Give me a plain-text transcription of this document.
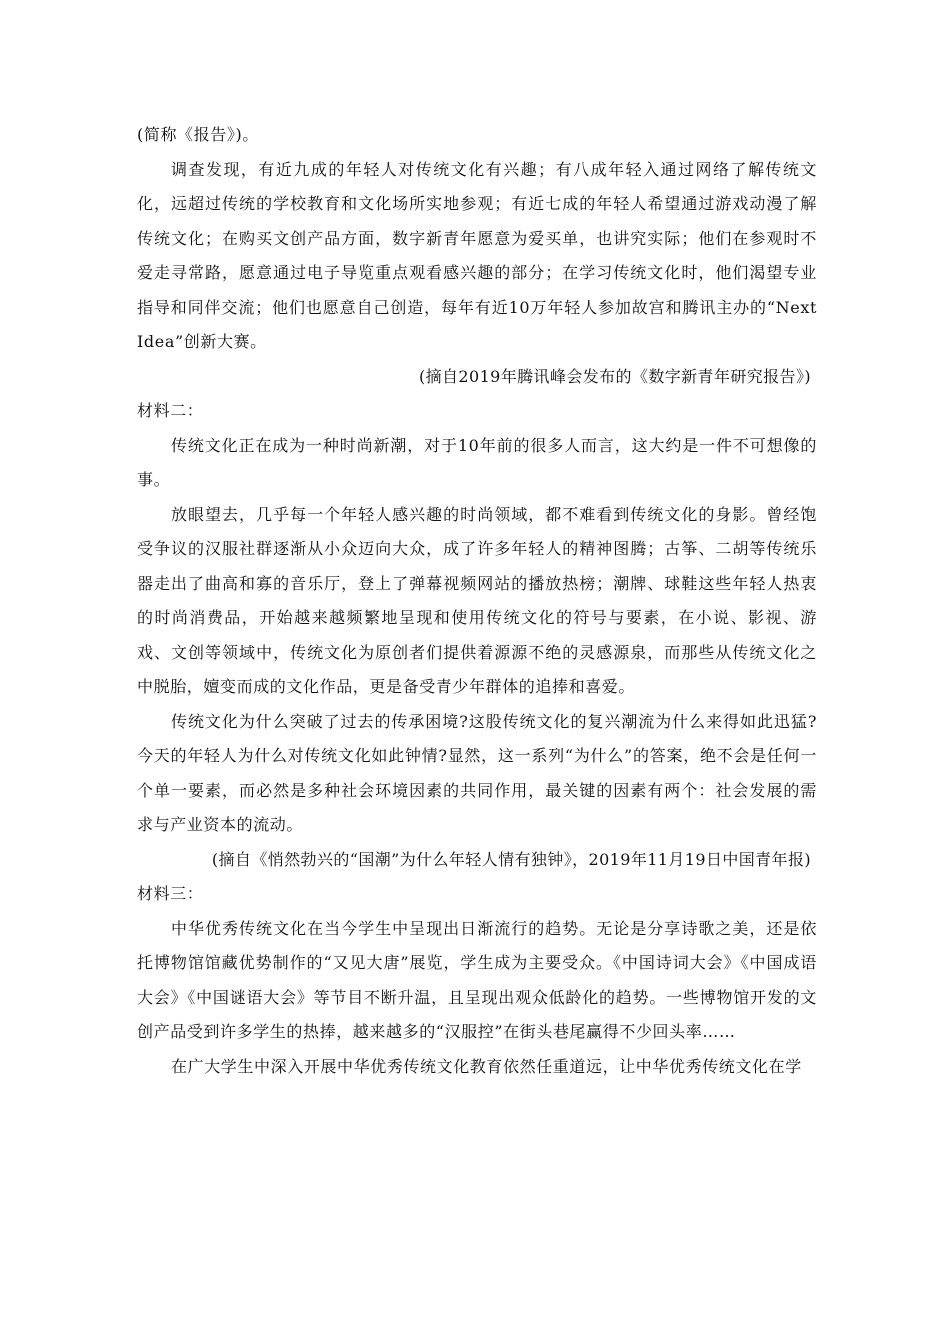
(简称《报告》)。

调查发现，有近九成的年轻人对传统文化有兴趣；有八成年轻入通过网络了解传统文化，远超过传统的学校教育和文化场所实地参观；有近七成的年轻人希望通过游戏动漫了解传统文化；在购买文创产品方面，数字新青年愿意为爱买单，也讲究实际；他们在参观时不爱走寻常路，愿意通过电子导览重点观看感兴趣的部分；在学习传统文化时，他们渴望专业指导和同伴交流；他们也愿意自己创造，每年有近10万年轻人参加故宫和腾讯主办的“Next Idea”创新大赛。

(摘自2019年腾讯峰会发布的《数字新青年研究报告》)

材料二：

传统文化正在成为一种时尚新潮，对于10年前的很多人而言，这大约是一件不可想像的事。

放眼望去，几乎每一个年轻人感兴趣的时尚领域，都不难看到传统文化的身影。曾经饱受争议的汉服社群逐渐从小众迈向大众，成了许多年轻人的精神图腾；古筝、二胡等传统乐器走出了曲高和寡的音乐厅，登上了弹幕视频网站的播放热榜；潮牌、球鞋这些年轻人热衷的时尚消费品，开始越来越频繁地呈现和使用传统文化的符号与要素，在小说、影视、游戏、文创等领域中，传统文化为原创者们提供着源源不绝的灵感源泉，而那些从传统文化之中脱胎，嬗变而成的文化作品，更是备受青少年群体的追捧和喜爱。

传统文化为什么突破了过去的传承困境?这股传统文化的复兴潮流为什么来得如此迅猛?今天的年轻人为什么对传统文化如此钟情?显然，这一系列“为什么”的答案，绝不会是任何一个单一要素，而必然是多种社会环境因素的共同作用，最关键的因素有两个：社会发展的需求与产业资本的流动。

(摘自《悄然勃兴的“国潮”为什么年轻人情有独钟》，2019年11月19日中国青年报)

材料三：

中华优秀传统文化在当今学生中呈现出日渐流行的趋势。无论是分享诗歌之美，还是依托博物馆馆藏优势制作的“又见大唐”展览，学生成为主要受众。《中国诗词大会》《中国成语大会》《中国谜语大会》等节目不断升温，且呈现出观众低龄化的趋势。一些博物馆开发的文创产品受到许多学生的热捧，越来越多的“汉服控”在街头巷尾赢得不少回头率……

在广大学生中深入开展中华优秀传统文化教育依然任重道远，让中华优秀传统文化在学
